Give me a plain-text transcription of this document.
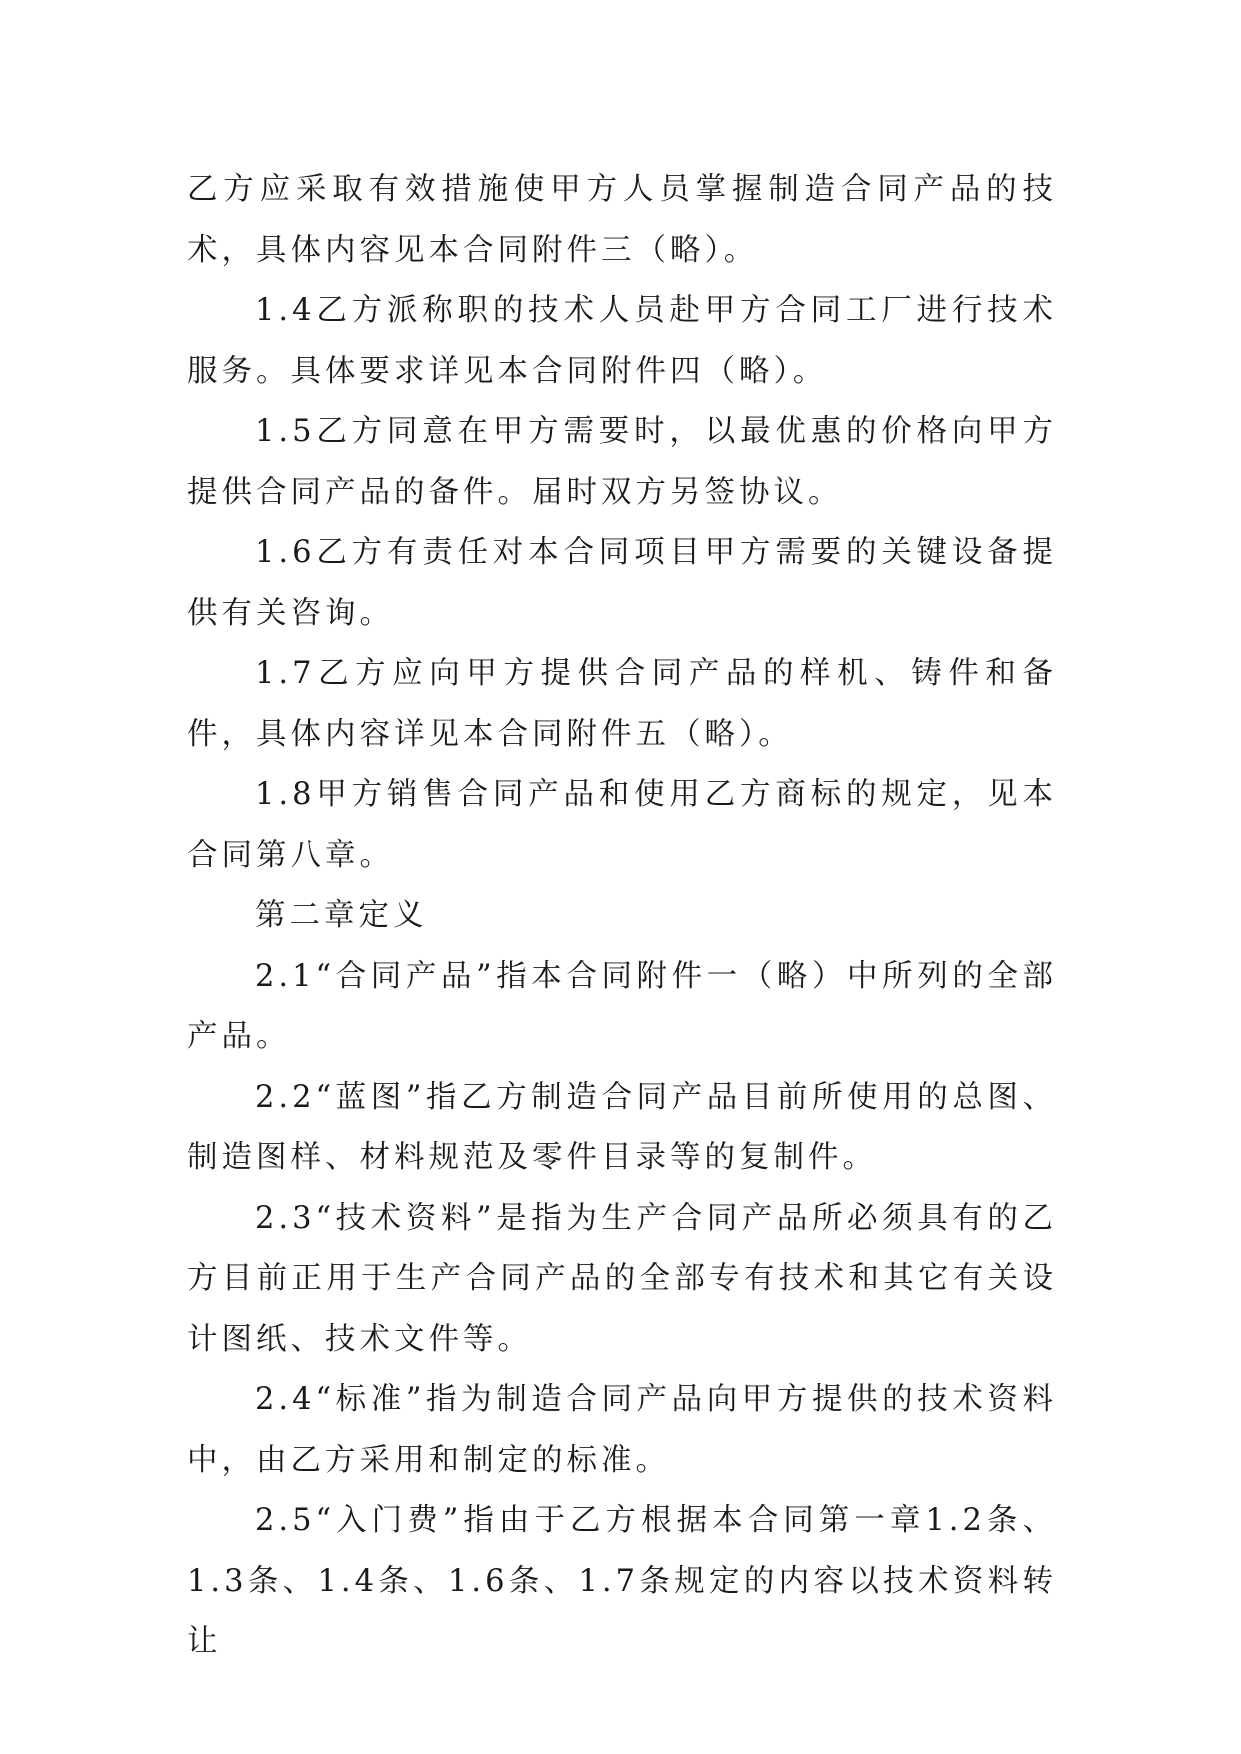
乙方应采取有效措施使甲方人员掌握制造合同产品的技术，具体内容见本合同附件三（略）。

1.4乙方派称职的技术人员赴甲方合同工厂进行技术服务。具体要求详见本合同附件四（略）。

1.5乙方同意在甲方需要时，以最优惠的价格向甲方提供合同产品的备件。届时双方另签协议。

1.6乙方有责任对本合同项目甲方需要的关键设备提供有关咨询。

1.7乙方应向甲方提供合同产品的样机、铸件和备件，具体内容详见本合同附件五（略）。

1.8甲方销售合同产品和使用乙方商标的规定，见本合同第八章。

第二章定义

2.1“合同产品”指本合同附件一（略）中所列的全部产品。

2.2“蓝图”指乙方制造合同产品目前所使用的总图、制造图样、材料规范及零件目录等的复制件。

2.3“技术资料”是指为生产合同产品所必须具有的乙方目前正用于生产合同产品的全部专有技术和其它有关设计图纸、技术文件等。

2.4“标准”指为制造合同产品向甲方提供的技术资料中，由乙方采用和制定的标准。

2.5“入门费”指由于乙方根据本合同第一章1.2条、1.3条、1.4条、1.6条、1.7条规定的内容以技术资料转让
